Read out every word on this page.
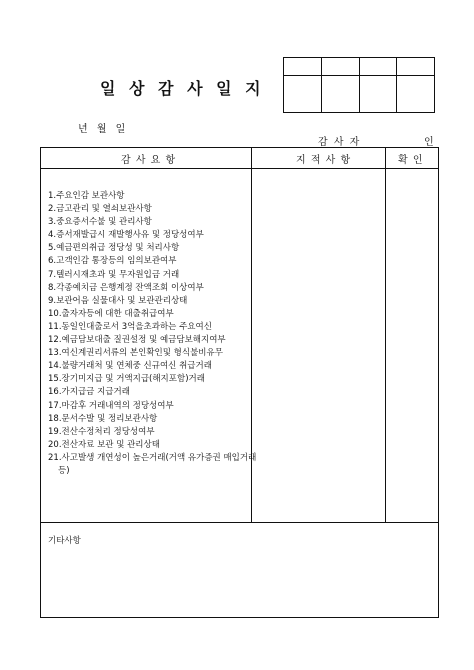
일 상 감 사 일 지

년 월 일
감 사 자	인
감 사 요 항	지 적 사 항	확 인
1.주요인감 보관사항
2.금고관리 및 열쇠보관사항
3.중요증서수불 및 관리사항
4.증서재발급시 재발행사유 및 정당성여부
5.예금편의취급 정당성 및 처리사항
6.고객인감 통장등의 임의보관여부
7.텔러시재초과 및 무자원입금 거래
8.각종예치금 은행계정 잔액조회 이상여부
9.보관어음 실물대사 및 보관관리상태
10.출자자등에 대한 대출취급여부
11.동일인대출로서 3억을초과하는 주요여신
12.예금담보대출 질권설정 및 예금담보해지여부
13.여신계권리서류의 본인확인및 형식불비유무
14.불량거래처 및 연체중 신규여신 취급거래
15.장기미지급 및 거액지급(해지포함)거래
16.가지급금 지급거래
17.마감후 거래내역의 정당성여부
18.문서수발 및 정리보관사항
19.전산수정처리 정당성여부
20.전산자료 보관 및 관리상태
21.사고발생 개연성이 높은거래(거액 유가증권 매입거래등)
기타사항
